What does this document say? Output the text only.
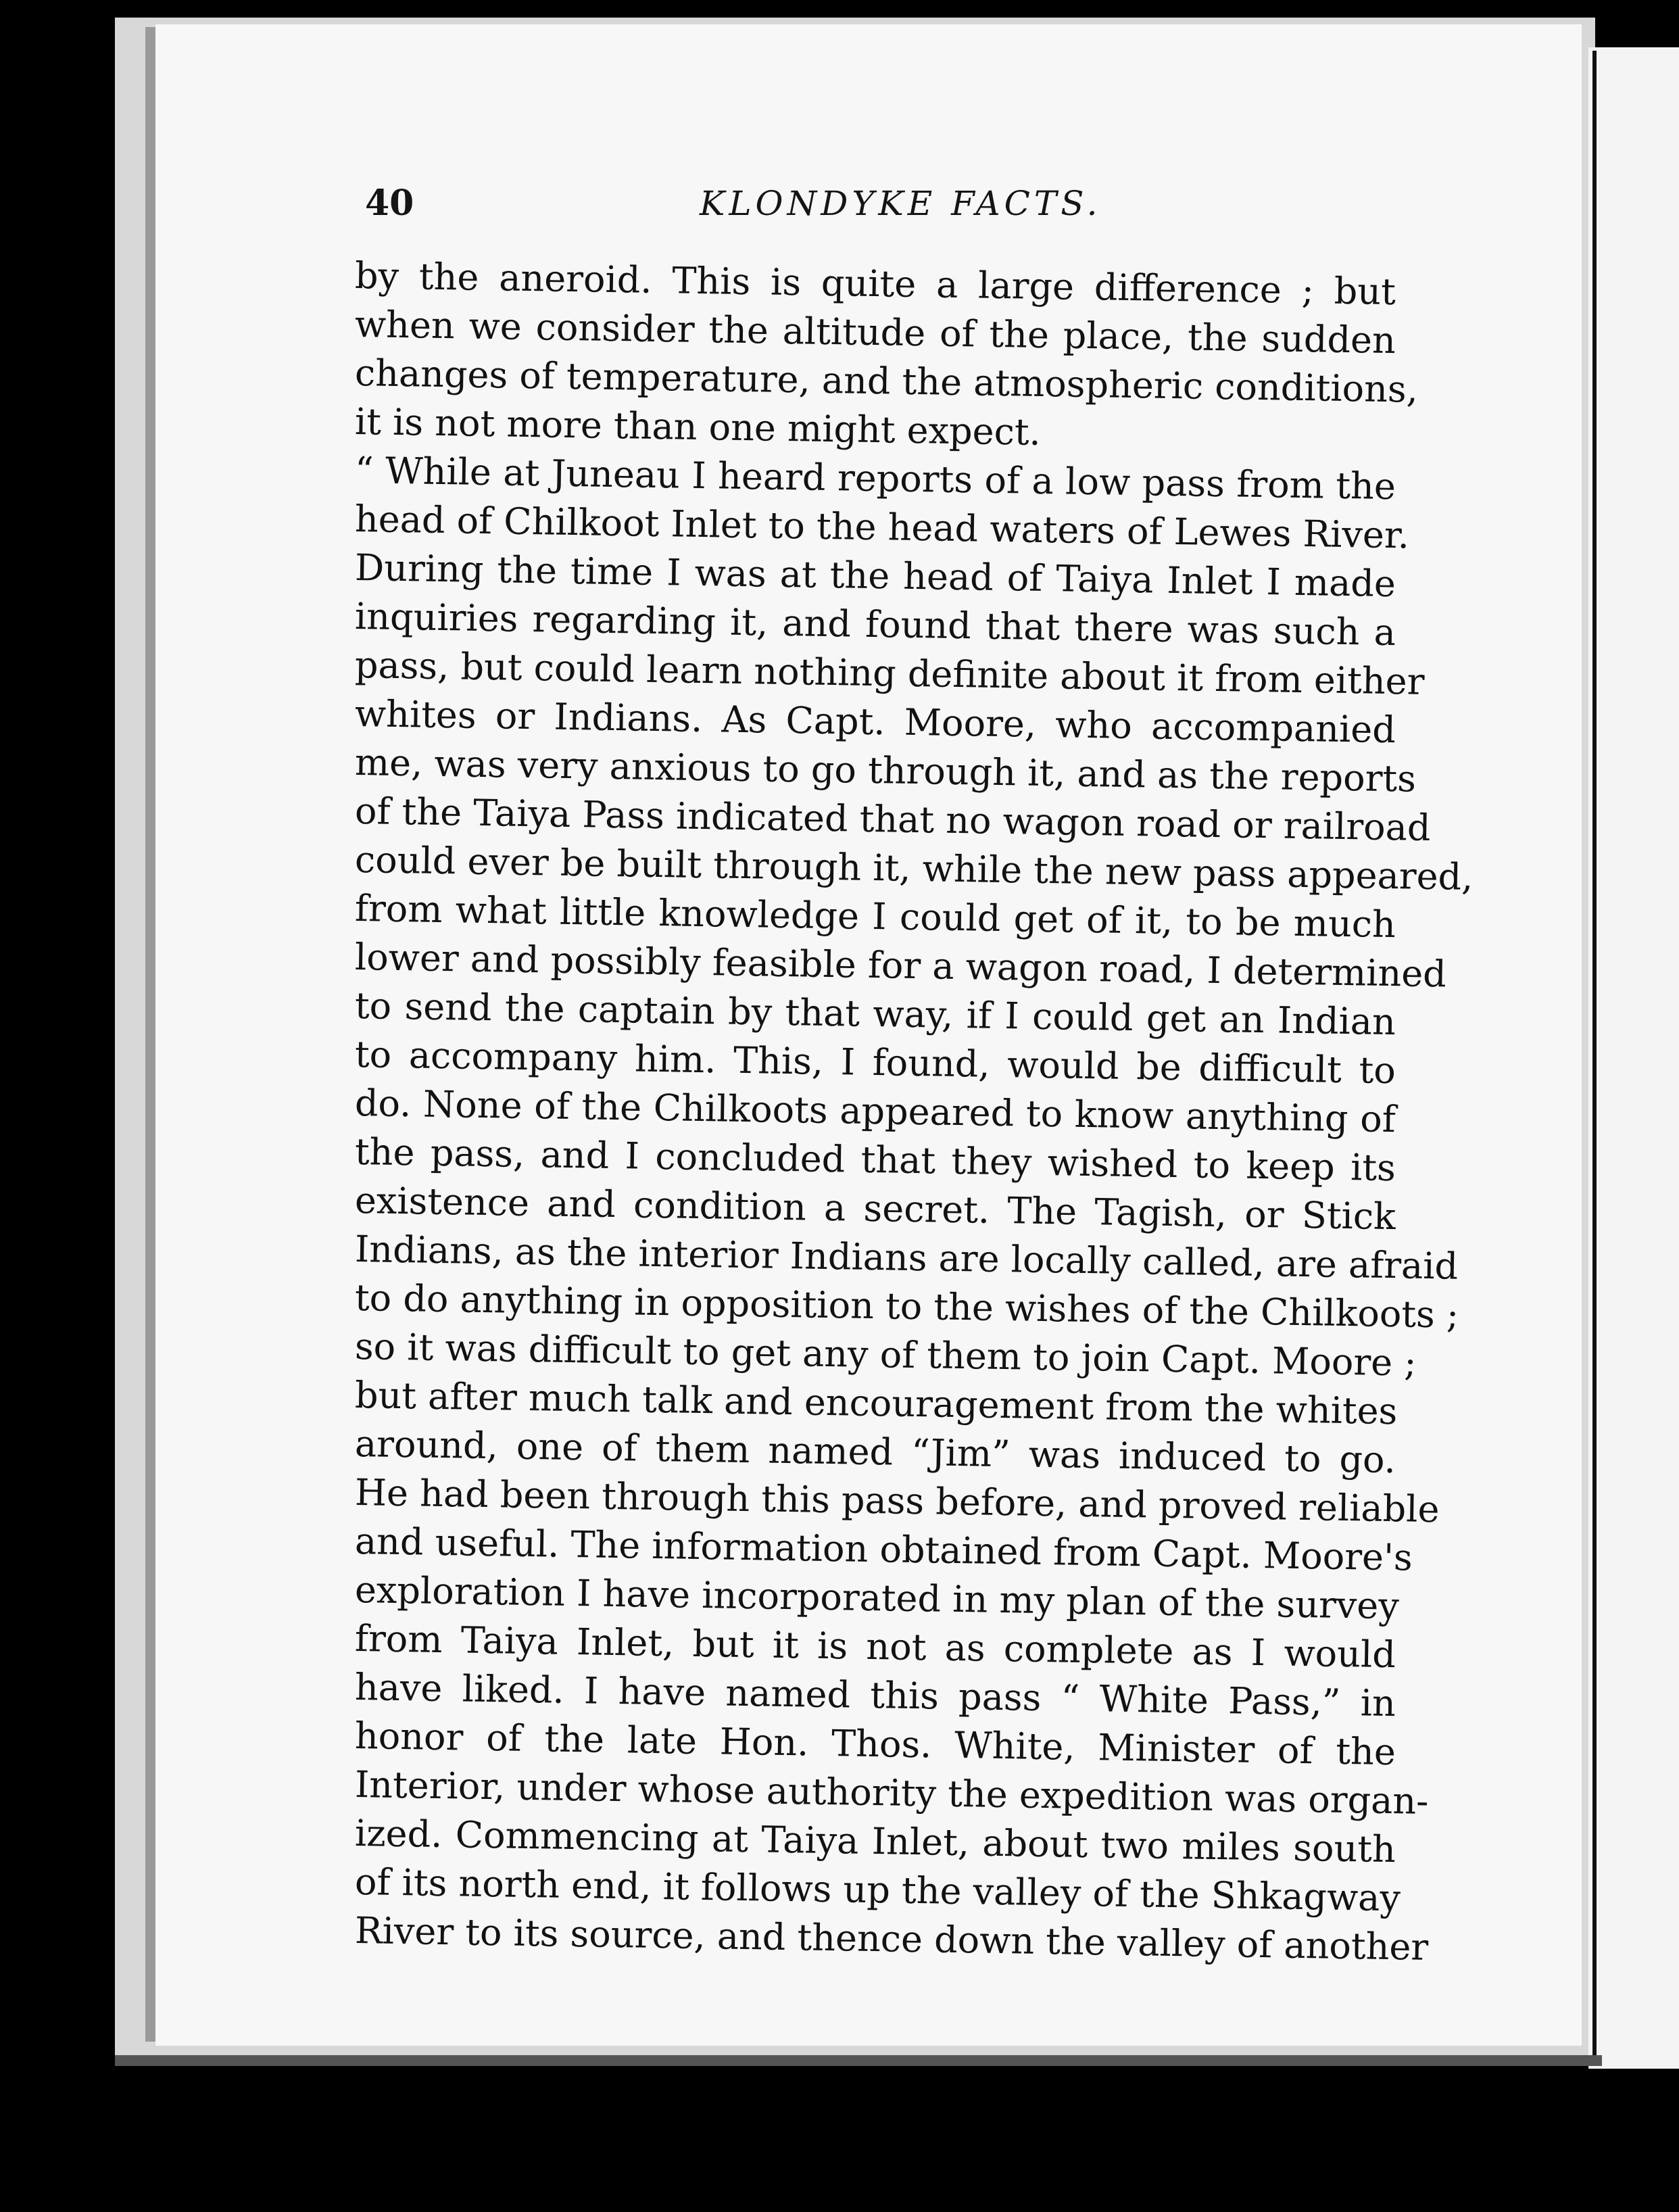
40	KLONDYKE FACTS.
by the aneroid. This is quite a large difference ; but
when we consider the altitude of the place, the sudden
changes of temperature, and the atmospheric conditions,
it is not more than one might expect.
“ While at Juneau I heard reports of a low pass from the
head of Chilkoot Inlet to the head waters of Lewes River.
During the time I was at the head of Taiya Inlet I made
inquiries regarding it, and found that there was such a
pass, but could learn nothing definite about it from either
whites or Indians. As Capt. Moore, who accompanied
me, was very anxious to go through it, and as the reports
of the Taiya Pass indicated that no wagon road or railroad
could ever be built through it, while the new pass appeared,
from what little knowledge I could get of it, to be much
lower and possibly feasible for a wagon road, I determined
to send the captain by that way, if I could get an Indian
to accompany him. This, I found, would be difficult to
do. None of the Chilkoots appeared to know anything of
the pass, and I concluded that they wished to keep its
existence and condition a secret. The Tagish, or Stick
Indians, as the interior Indians are locally called, are afraid
to do anything in opposition to the wishes of the Chilkoots ;
so it was difficult to get any of them to join Capt. Moore ;
but after much talk and encouragement from the whites
around, one of them named “Jim” was induced to go.
He had been through this pass before, and proved reliable
and useful. The information obtained from Capt. Moore's
exploration I have incorporated in my plan of the survey
from Taiya Inlet, but it is not as complete as I would
have liked. I have named this pass “ White Pass,” in
honor of the late Hon. Thos. White, Minister of the
Interior, under whose authority the expedition was organ-
ized. Commencing at Taiya Inlet, about two miles south
of its north end, it follows up the valley of the Shkagway
River to its source, and thence down the valley of another
